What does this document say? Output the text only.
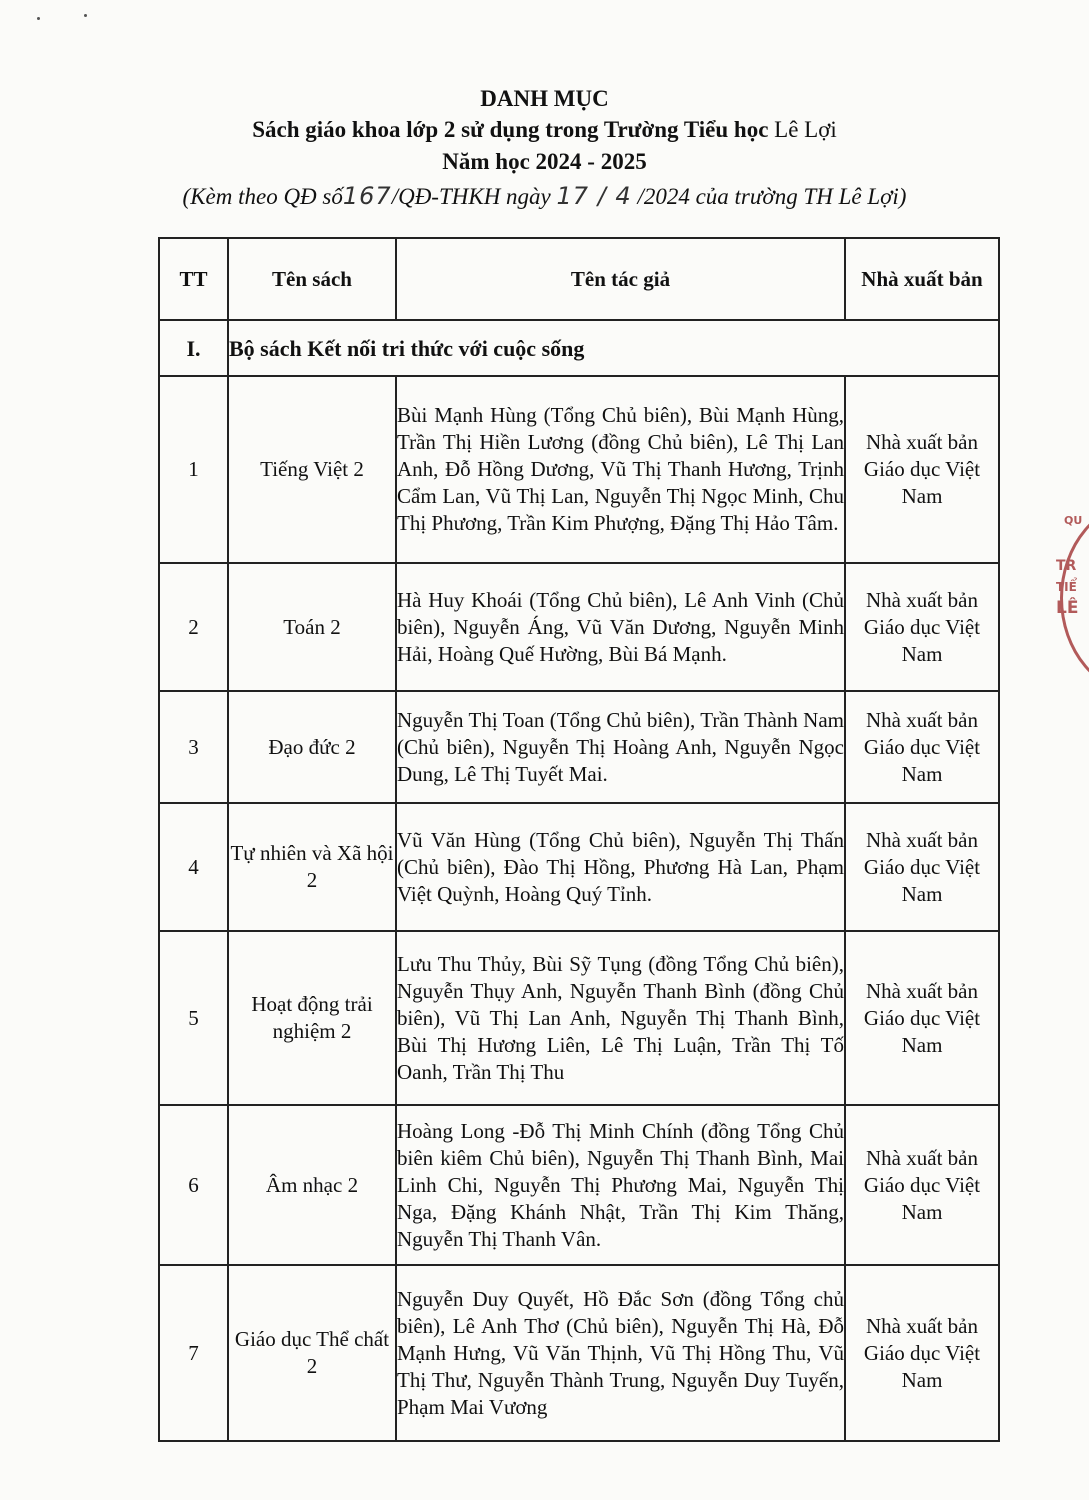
DANH MỤC
Sách giáo khoa lớp 2 sử dụng trong Trường Tiểu học Lê Lợi
Năm học 2024 - 2025
(Kèm theo QĐ số167/QĐ-THKH ngày 17 / 4 /2024 của trường TH Lê Lợi)
TT	Tên sách	Tên tác giả	Nhà xuất bản
I.	Bộ sách Kết nối tri thức với cuộc sống		
1	Tiếng Việt 2	Bùi Mạnh Hùng (Tổng Chủ biên), Bùi Mạnh Hùng, Trần Thị Hiền Lương (đồng Chủ biên), Lê Thị Lan Anh, Đỗ Hồng Dương, Vũ Thị Thanh Hương, Trịnh Cẩm Lan, Vũ Thị Lan, Nguyễn Thị Ngọc Minh, Chu Thị Phương, Trần Kim Phượng, Đặng Thị Hảo Tâm.	Nhà xuất bản Giáo dục Việt Nam
2	Toán 2	Hà Huy Khoái (Tổng Chủ biên), Lê Anh Vinh (Chủ biên), Nguyễn Áng, Vũ Văn Dương, Nguyễn Minh Hải, Hoàng Quế Hường, Bùi Bá Mạnh.	Nhà xuất bản Giáo dục Việt Nam
3	Đạo đức 2	Nguyễn Thị Toan (Tổng Chủ biên), Trần Thành Nam (Chủ biên), Nguyễn Thị Hoàng Anh, Nguyễn Ngọc Dung, Lê Thị Tuyết Mai.	Nhà xuất bản Giáo dục Việt Nam
4	Tự nhiên và Xã hội 2	Vũ Văn Hùng (Tổng Chủ biên), Nguyễn Thị Thấn (Chủ biên), Đào Thị Hồng, Phương Hà Lan, Phạm Việt Quỳnh, Hoàng Quý Tỉnh.	Nhà xuất bản Giáo dục Việt Nam
5	Hoạt động trải nghiệm 2	Lưu Thu Thủy, Bùi Sỹ Tụng (đồng Tổng Chủ biên), Nguyễn Thụy Anh, Nguyễn Thanh Bình (đồng Chủ biên), Vũ Thị Lan Anh, Nguyễn Thị Thanh Bình, Bùi Thị Hương Liên, Lê Thị Luận, Trần Thị Tố Oanh, Trần Thị Thu	Nhà xuất bản Giáo dục Việt Nam
6	Âm nhạc 2	Hoàng Long -Đỗ Thị Minh Chính (đồng Tổng Chủ biên kiêm Chủ biên), Nguyễn Thị Thanh Bình, Mai Linh Chi, Nguyễn Thị Phương Mai, Nguyễn Thị Nga, Đặng Khánh Nhật, Trần Thị Kim Thăng, Nguyễn Thị Thanh Vân.	Nhà xuất bản Giáo dục Việt Nam
7	Giáo dục Thể chất 2	Nguyễn Duy Quyết, Hồ Đắc Sơn (đồng Tổng chủ biên), Lê Anh Thơ (Chủ biên), Nguyễn Thị Hà, Đỗ Mạnh Hưng, Vũ Văn Thịnh, Vũ Thị Hồng Thu, Vũ Thị Thư, Nguyễn Thành Trung, Nguyễn Duy Tuyến, Phạm Mai Vương	Nhà xuất bản Giáo dục Việt Nam
QU
TR
TIỂ
LÊ
